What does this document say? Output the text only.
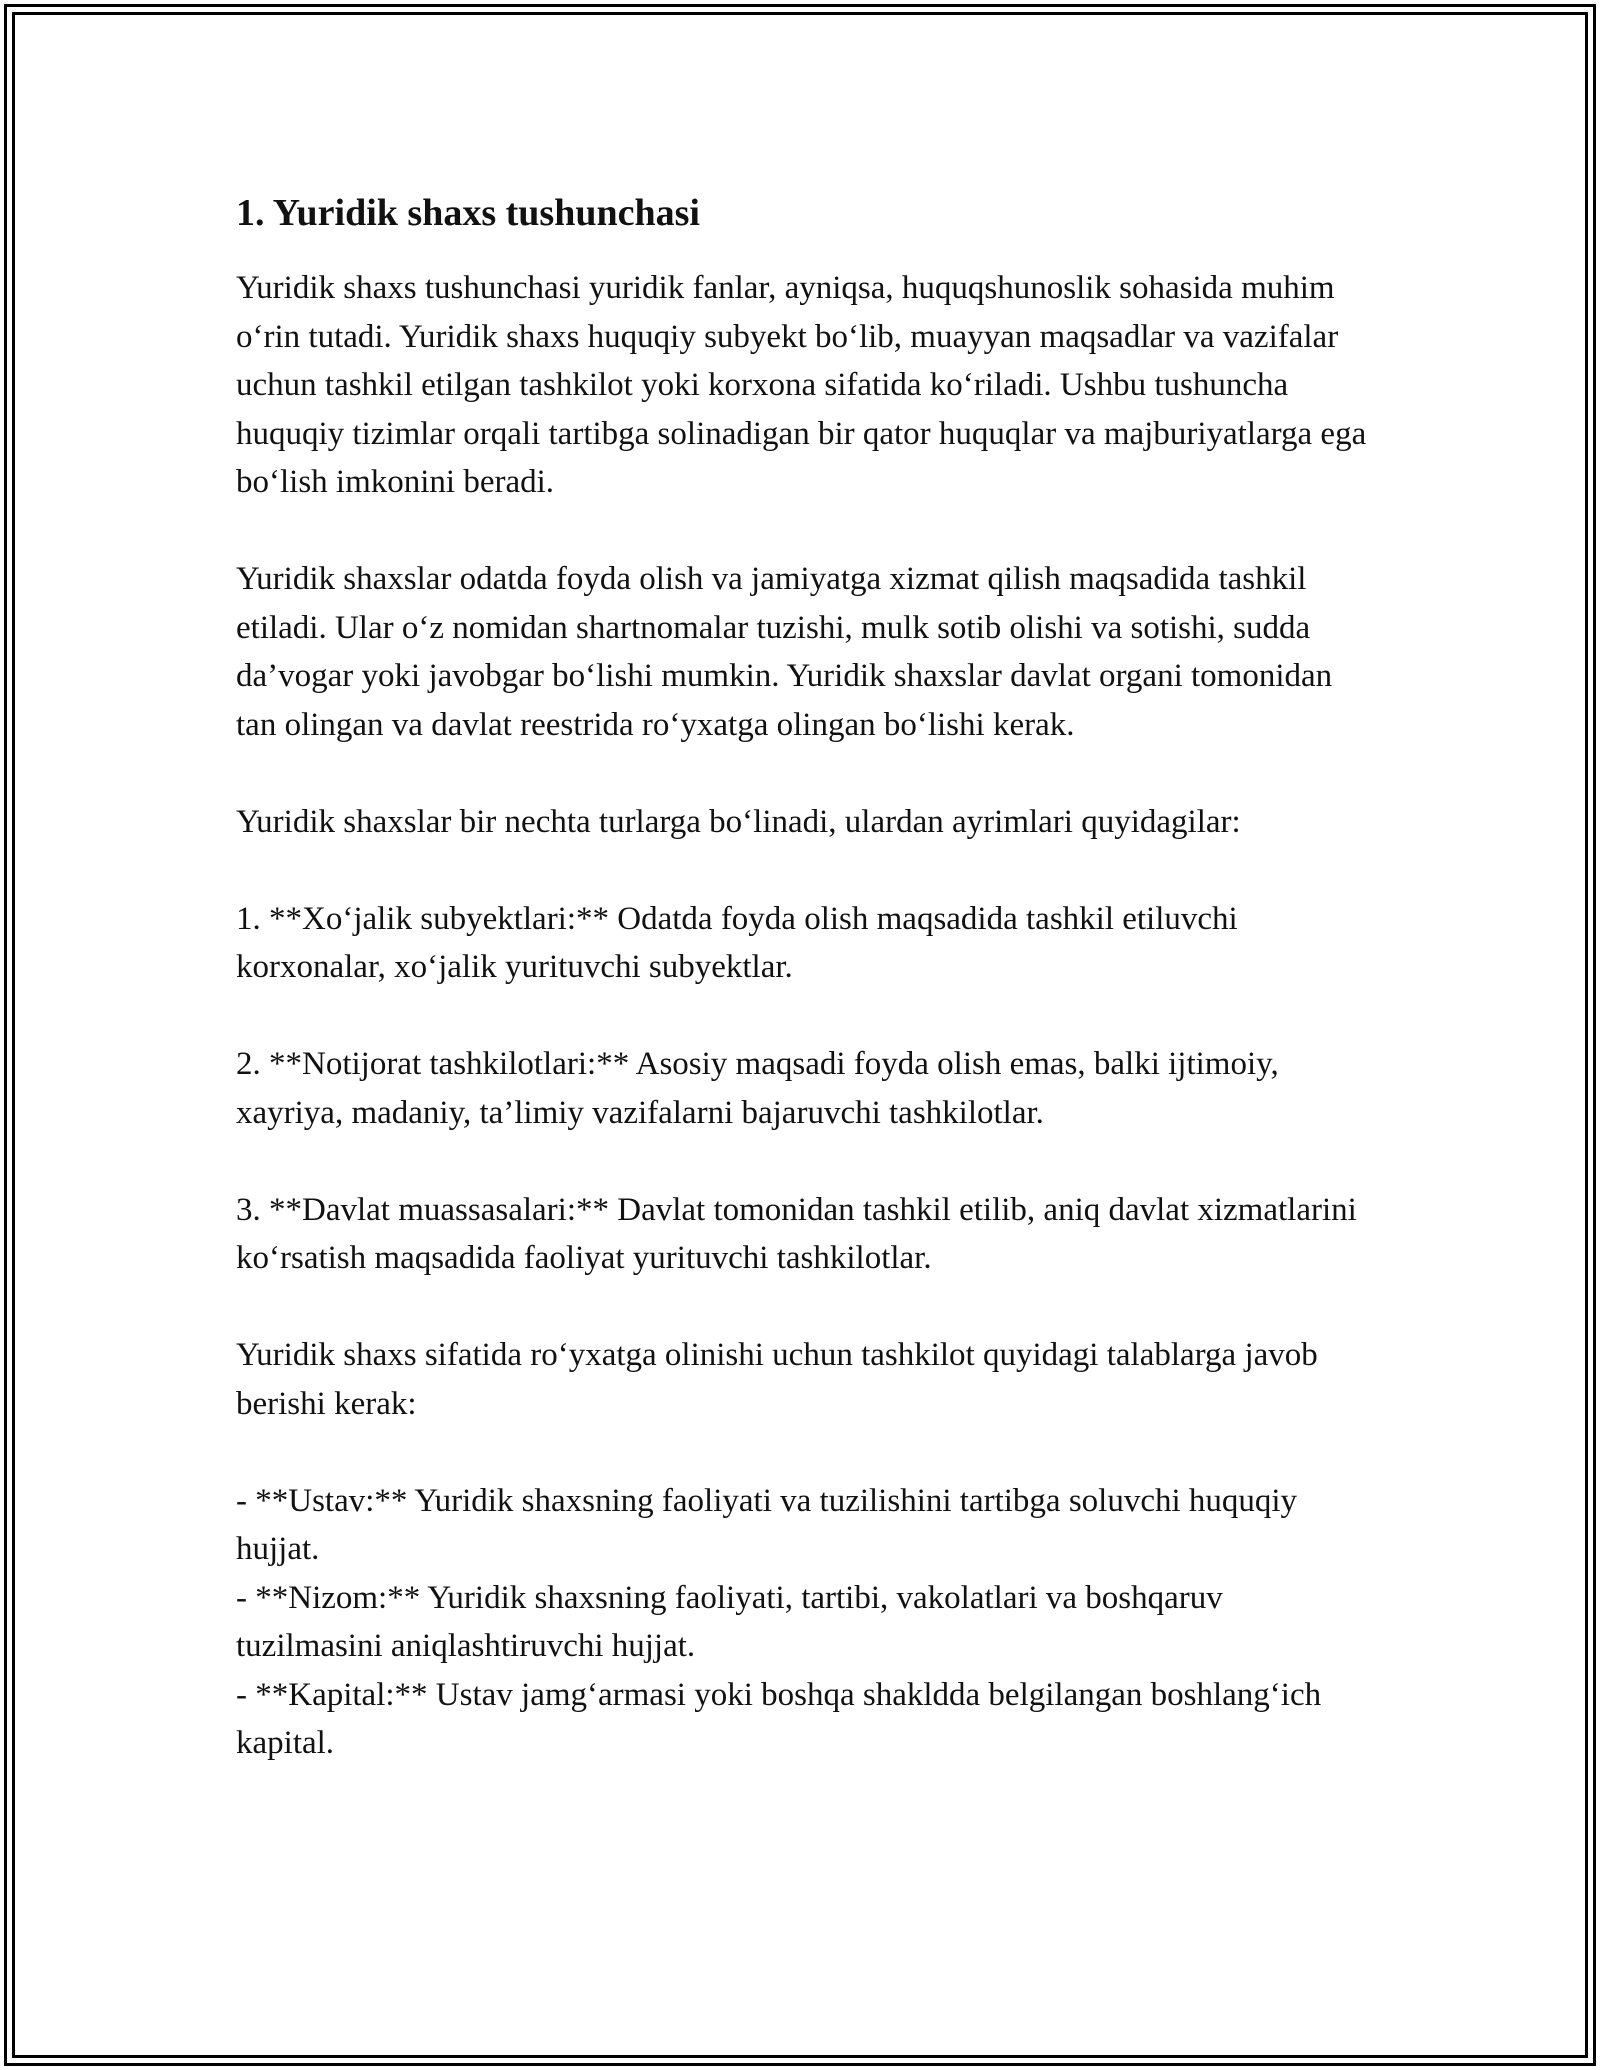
1. Yuridik shaxs tushunchasi

Yuridik shaxs tushunchasi yuridik fanlar, ayniqsa, huquqshunoslik sohasida muhim o‘rin tutadi. Yuridik shaxs huquqiy subyekt bo‘lib, muayyan maqsadlar va vazifalar uchun tashkil etilgan tashkilot yoki korxona sifatida ko‘riladi. Ushbu tushuncha huquqiy tizimlar orqali tartibga solinadigan bir qator huquqlar va majburiyatlarga ega bo‘lish imkonini beradi.

Yuridik shaxslar odatda foyda olish va jamiyatga xizmat qilish maqsadida tashkil etiladi. Ular o‘z nomidan shartnomalar tuzishi, mulk sotib olishi va sotishi, sudda da’vogar yoki javobgar bo‘lishi mumkin. Yuridik shaxslar davlat organi tomonidan tan olingan va davlat reestrida ro‘yxatga olingan bo‘lishi kerak.

Yuridik shaxslar bir nechta turlarga bo‘linadi, ulardan ayrimlari quyidagilar:

1. **Xo‘jalik subyektlari:** Odatda foyda olish maqsadida tashkil etiluvchi korxonalar, xo‘jalik yurituvchi subyektlar.

2. **Notijorat tashkilotlari:** Asosiy maqsadi foyda olish emas, balki ijtimoiy, xayriya, madaniy, ta’limiy vazifalarni bajaruvchi tashkilotlar.

3. **Davlat muassasalari:** Davlat tomonidan tashkil etilib, aniq davlat xizmatlarini ko‘rsatish maqsadida faoliyat yurituvchi tashkilotlar.

Yuridik shaxs sifatida ro‘yxatga olinishi uchun tashkilot quyidagi talablarga javob berishi kerak:

- **Ustav:** Yuridik shaxsning faoliyati va tuzilishini tartibga soluvchi huquqiy hujjat.

- **Nizom:** Yuridik shaxsning faoliyati, tartibi, vakolatlari va boshqaruv tuzilmasini aniqlashtiruvchi hujjat.

- **Kapital:** Ustav jamg‘armasi yoki boshqa shakldda belgilangan boshlang‘ich kapital.
